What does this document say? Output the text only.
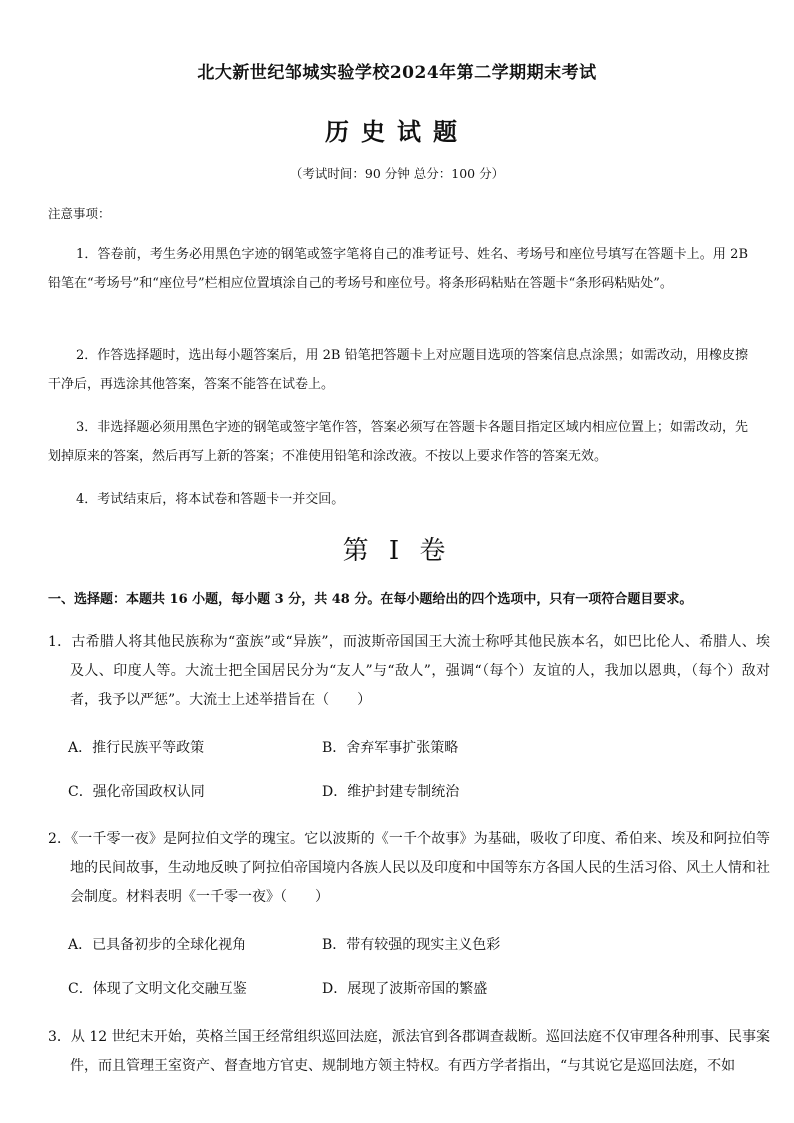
北大新世纪邹城实验学校2024年第二学期期末考试
历史试题
（考试时间：90 分钟 总分：100 分）
注意事项：
1．答卷前，考生务必用黑色字迹的钢笔或签字笔将自己的准考证号、姓名、考场号和座位号填写在答题卡上。用 2B 铅笔在“考场号”和“座位号”栏相应位置填涂自己的考场号和座位号。将条形码粘贴在答题卡“条形码粘贴处”。
2．作答选择题时，选出每小题答案后，用 2B 铅笔把答题卡上对应题目选项的答案信息点涂黑；如需改动，用橡皮擦干净后，再选涂其他答案，答案不能答在试卷上。
3．非选择题必须用黑色字迹的钢笔或签字笔作答，答案必须写在答题卡各题目指定区域内相应位置上；如需改动，先划掉原来的答案，然后再写上新的答案；不准使用铅笔和涂改液。不按以上要求作答的答案无效。
4．考试结束后，将本试卷和答题卡一并交回。
第 I 卷
一、选择题：本题共 16 小题，每小题 3 分，共 48 分。在每小题给出的四个选项中，只有一项符合题目要求。
1．古希腊人将其他民族称为“蛮族”或“异族”，而波斯帝国国王大流士称呼其他民族本名，如巴比伦人、希腊人、埃及人、印度人等。大流士把全国居民分为“友人”与“敌人”，强调“（每个）友谊的人，我加以恩典，（每个）敌对者，我予以严惩”。大流士上述举措旨在（　　）
A．推行民族平等政策	B．舍弃军事扩张策略
C．强化帝国政权认同	D．维护封建专制统治
2．《一千零一夜》是阿拉伯文学的瑰宝。它以波斯的《一千个故事》为基础，吸收了印度、希伯来、埃及和阿拉伯等地的民间故事，生动地反映了阿拉伯帝国境内各族人民以及印度和中国等东方各国人民的生活习俗、风土人情和社会制度。材料表明《一千零一夜》（　　）
A．已具备初步的全球化视角	B．带有较强的现实主义色彩
C．体现了文明文化交融互鉴	D．展现了波斯帝国的繁盛
3．从 12 世纪末开始，英格兰国王经常组织巡回法庭，派法官到各郡调查裁断。巡回法庭不仅审理各种刑事、民事案件，而且管理王室资产、督查地方官吏、规制地方领主特权。有西方学者指出，“与其说它是巡回法庭，不如
